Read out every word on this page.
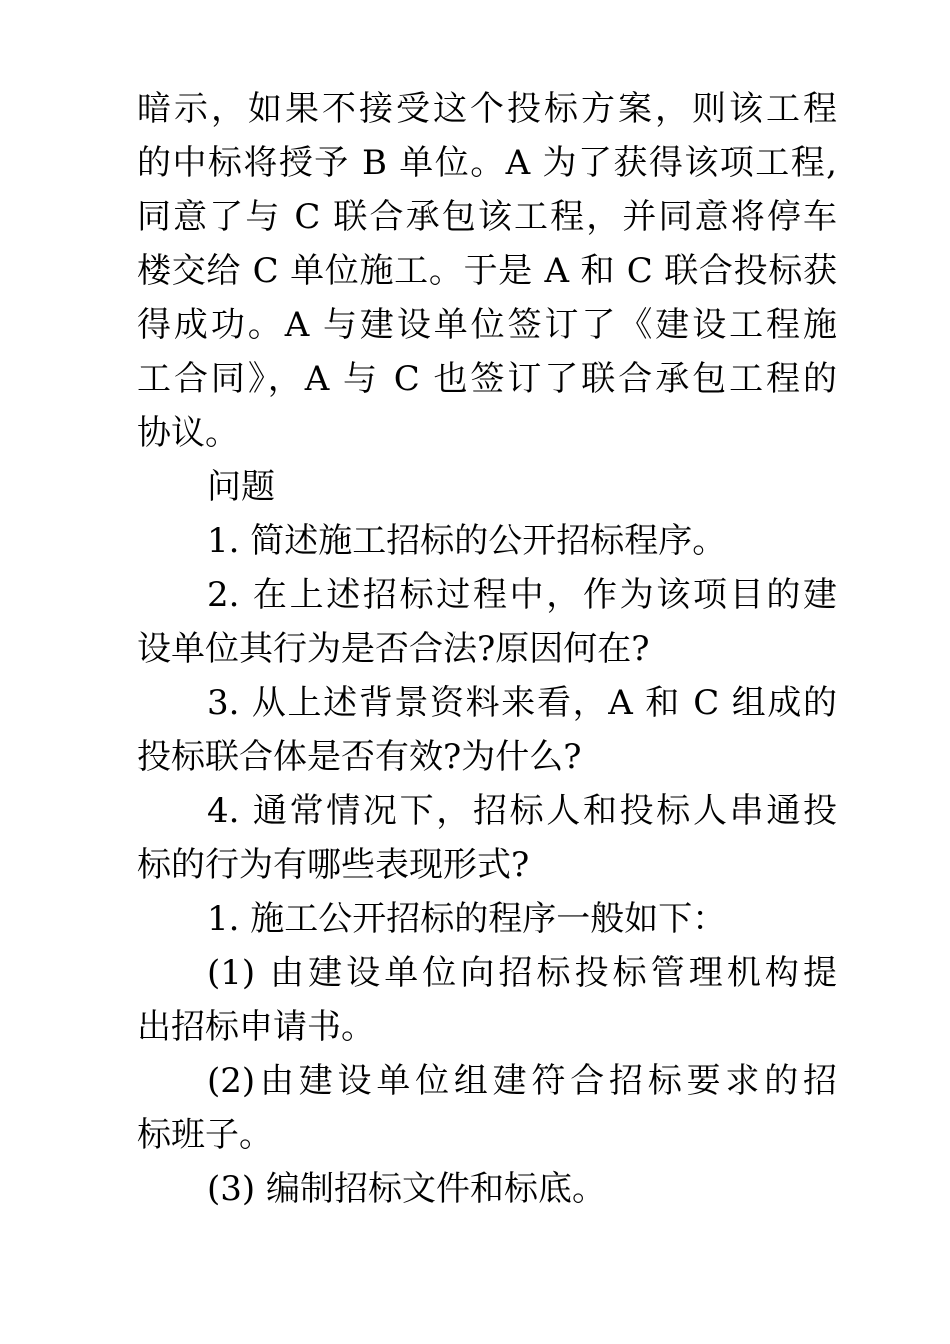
暗示，如果不接受这个投标方案，则该工程
的中标将授予 B 单位。A 为了获得该项工程,
同意了与 C 联合承包该工程，并同意将停车
楼交给 C 单位施工。于是 A 和 C 联合投标获
得成功。A 与建设单位签订了《建设工程施
工合同》，A 与 C 也签订了联合承包工程的
协议。
问题
1. 简述施工招标的公开招标程序。
2. 在上述招标过程中，作为该项目的建
设单位其行为是否合法?原因何在?
3. 从上述背景资料来看，A 和 C 组成的
投标联合体是否有效?为什么?
4. 通常情况下，招标人和投标人串通投
标的行为有哪些表现形式?
1. 施工公开招标的程序一般如下：
(1) 由建设单位向招标投标管理机构提
出招标申请书。
(2)由建设单位组建符合招标要求的招
标班子。
(3) 编制招标文件和标底。
